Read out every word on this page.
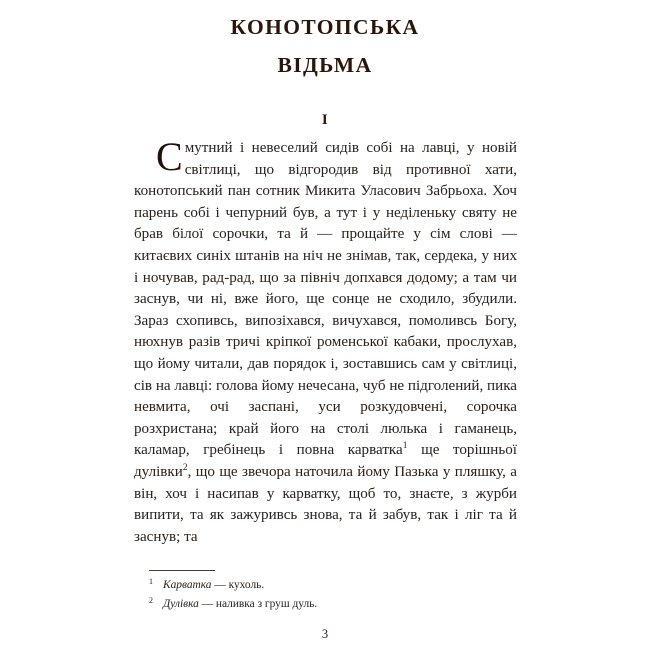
КОНОТОПСЬКА
ВІДЬМА
I

Смутний і невеселий сидів собі на лавці, у новій світлиці, що відгородив від противної хати, конотопський пан сотник Микита Уласович Забрьоха. Хоч парень собі і чепурний був, а тут і у неділеньку святу не брав білої сорочки, та й — прощайте у сім слові — китаєвих синіх штанів на ніч не знімав, так, сердека, у них і ночував, рад-рад, що за північ допхався додому; а там чи заснув, чи ні, вже його, ще сонце не сходило, збудили. Зараз схопивсь, випозіхався, вичухався, помоливсь Богу, нюхнув разів тричі кріпкої роменської кабаки, прослухав, що йому читали, дав порядок і, зоставшись сам у світлиці, сів на лавці: голова йому нечесана, чуб не підголений, пика невмита, очі заспані, уси розкудовчені, сорочка розхристана; край його на столі люлька і гаманець, каламар, гребінець і повна карватка$^1$ ще торішньої дулівки$^2$, що ще звечора наточила йому Пазька у пляшку, а він, хоч і насипав у карватку, щоб то, знаєте, з журби випити, та як зажуривсь знова, та й забув, так і ліг та й заснув; та

1 Карватка — кухоль.
2 Дулівка — наливка з груш дуль.
3
